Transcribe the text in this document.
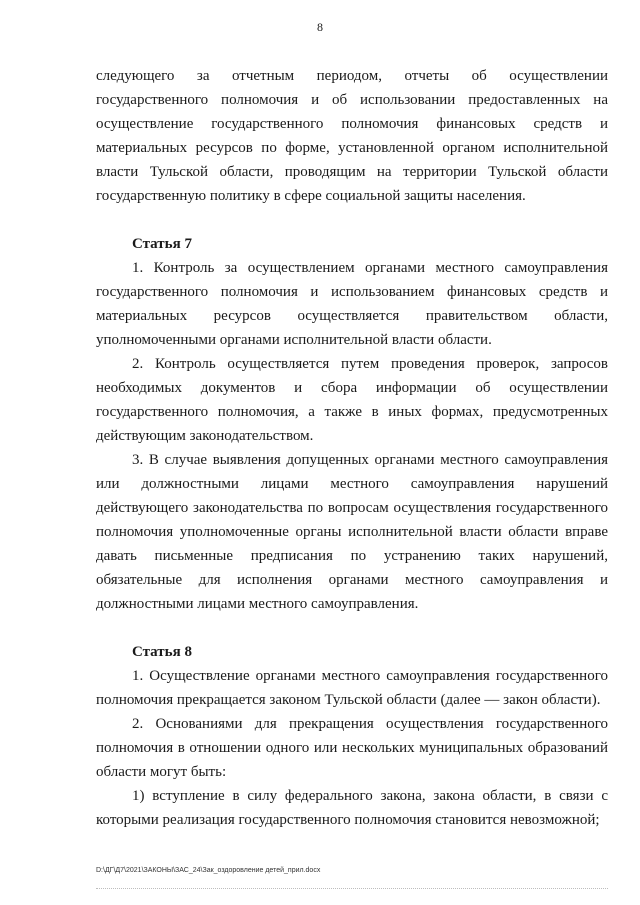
8

следующего за отчетным периодом, отчеты об осуществлении государственного полномочия и об использовании предоставленных на осуществление государственного полномочия финансовых средств и материальных ресурсов по форме, установленной органом исполнительной власти Тульской области, проводящим на территории Тульской области государственную политику в сфере социальной защиты населения.

Статья 7

1. Контроль за осуществлением органами местного самоуправления государственного полномочия и использованием финансовых средств и материальных ресурсов осуществляется правительством области, уполномоченными органами исполнительной власти области.

2. Контроль осуществляется путем проведения проверок, запросов необходимых документов и сбора информации об осуществлении государственного полномочия, а также в иных формах, предусмотренных действующим законодательством.

3. В случае выявления допущенных органами местного самоуправления или должностными лицами местного самоуправления нарушений действующего законодательства по вопросам осуществления государственного полномочия уполномоченные органы исполнительной власти области вправе давать письменные предписания по устранению таких нарушений, обязательные для исполнения органами местного самоуправления и должностными лицами местного самоуправления.

Статья 8

1. Осуществление органами местного самоуправления государственного полномочия прекращается законом Тульской области (далее — закон области).

2. Основаниями для прекращения осуществления государственного полномочия в отношении одного или нескольких муниципальных образований области могут быть:

1) вступление в силу федерального закона, закона области, в связи с которыми реализация государственного полномочия становится невозможной;

D:\ДГ\Д7\2021\ЗАКОНЫ\ЗАС_24\Зак_оздоровление детей_прил.docx
